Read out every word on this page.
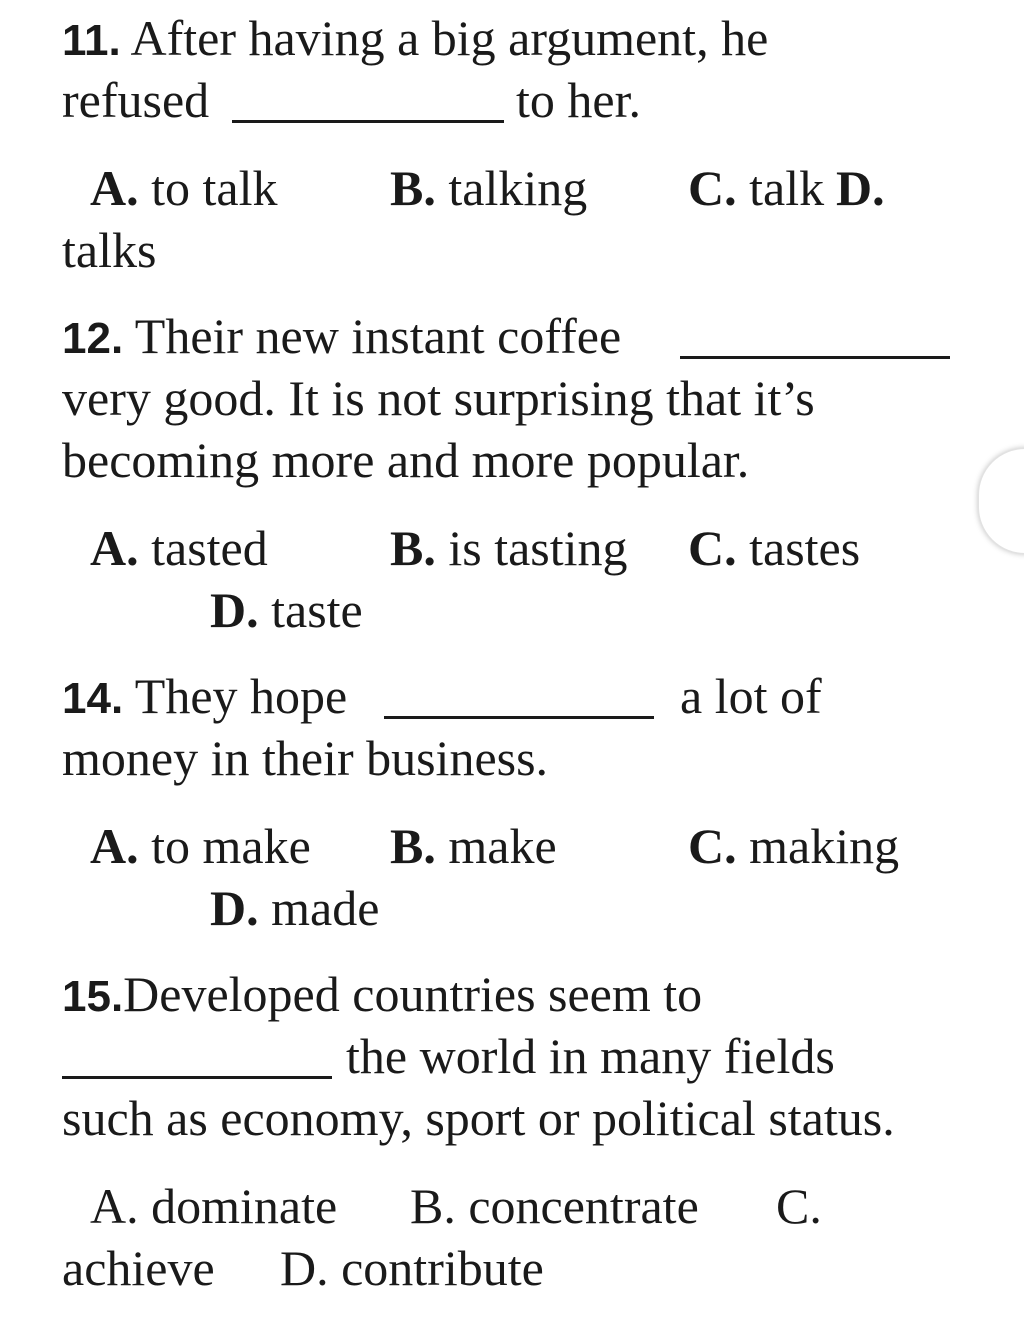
11. After having a big argument, he
refused	to her.
A. to talk B. talking C. talk D.
talks
12. Their new instant coffee
very good. It is not surprising that it’s
becoming more and more popular.
A. tasted B. is tasting C. tastes
D. taste
14. They hope	a lot of
money in their business.
A. to make B. make	C. making
D. made
15.Developed countries seem to
the world in many fields
such as economy, sport or political status.
A. dominate B. concentrate C.
achieve D. contribute
